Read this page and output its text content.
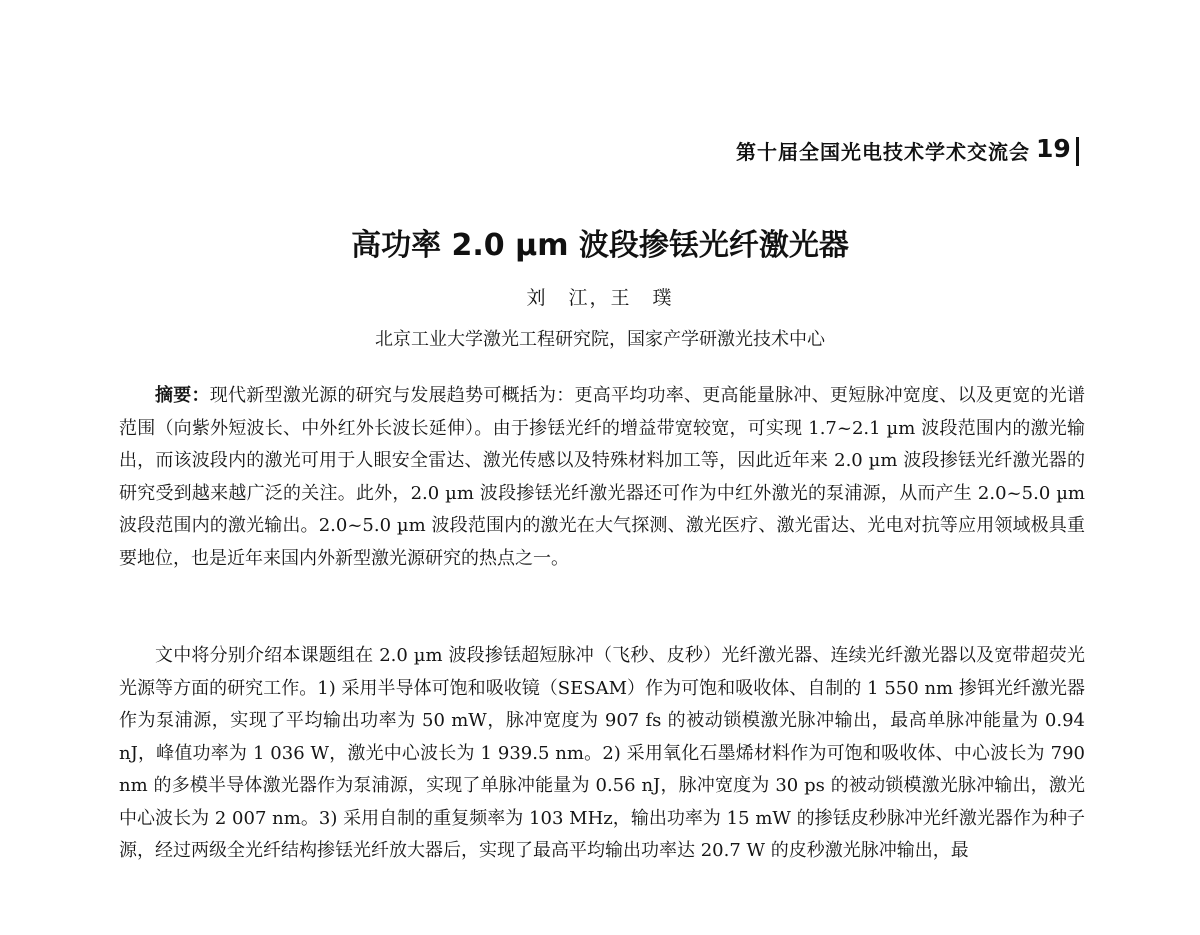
第十届全国光电技术学术交流会 19
高功率 2.0 µm 波段掺铥光纤激光器
刘　江，王　璞
北京工业大学激光工程研究院，国家产学研激光技术中心

摘要：现代新型激光源的研究与发展趋势可概括为：更高平均功率、更高能量脉冲、更短脉冲宽度、以及更宽的光谱范围（向紫外短波长、中外红外长波长延伸）。由于掺铥光纤的增益带宽较宽，可实现 1.7~2.1 µm 波段范围内的激光输出，而该波段内的激光可用于人眼安全雷达、激光传感以及特殊材料加工等，因此近年来 2.0 µm 波段掺铥光纤激光器的研究受到越来越广泛的关注。此外，2.0 µm 波段掺铥光纤激光器还可作为中红外激光的泵浦源，从而产生 2.0~5.0 µm 波段范围内的激光输出。2.0~5.0 µm 波段范围内的激光在大气探测、激光医疗、激光雷达、光电对抗等应用领域极具重要地位，也是近年来国内外新型激光源研究的热点之一。

文中将分别介绍本课题组在 2.0 µm 波段掺铥超短脉冲（飞秒、皮秒）光纤激光器、连续光纤激光器以及宽带超荧光光源等方面的研究工作。1) 采用半导体可饱和吸收镜（SESAM）作为可饱和吸收体、自制的 1 550 nm 掺铒光纤激光器作为泵浦源，实现了平均输出功率为 50 mW，脉冲宽度为 907 fs 的被动锁模激光脉冲输出，最高单脉冲能量为 0.94 nJ，峰值功率为 1 036 W，激光中心波长为 1 939.5 nm。2) 采用氧化石墨烯材料作为可饱和吸收体、中心波长为 790 nm 的多模半导体激光器作为泵浦源，实现了单脉冲能量为 0.56 nJ，脉冲宽度为 30 ps 的被动锁模激光脉冲输出，激光中心波长为 2 007 nm。3) 采用自制的重复频率为 103 MHz，输出功率为 15 mW 的掺铥皮秒脉冲光纤激光器作为种子源，经过两级全光纤结构掺铥光纤放大器后，实现了最高平均输出功率达 20.7 W 的皮秒激光脉冲输出，最
